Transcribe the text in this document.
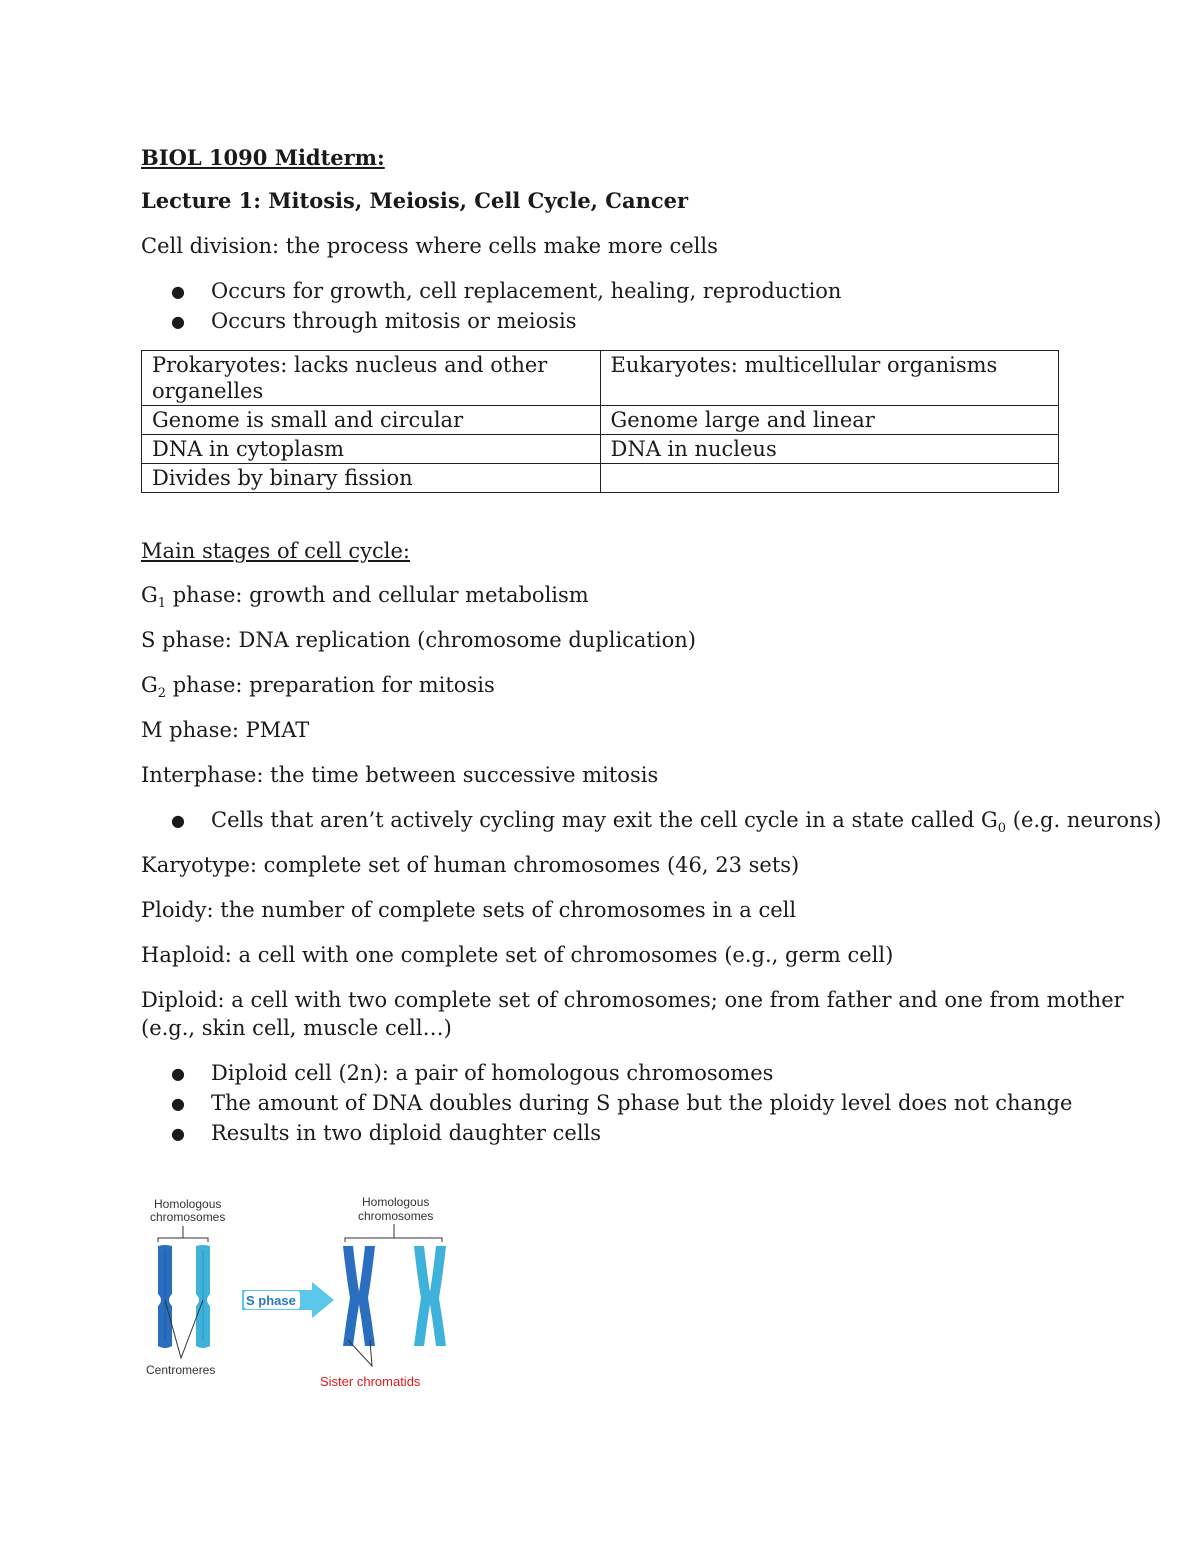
BIOL 1090 Midterm:
Lecture 1: Mitosis, Meiosis, Cell Cycle, Cancer
Cell division: the process where cells make more cells
● Occurs for growth, cell replacement, healing, reproduction
● Occurs through mitosis or meiosis
Prokaryotes: lacks nucleus and other organelles	Eukaryotes: multicellular organisms
Genome is small and circular	Genome large and linear
DNA in cytoplasm	DNA in nucleus
Divides by binary fission	
Main stages of cell cycle:
$G_1$ phase: growth and cellular metabolism
S phase: DNA replication (chromosome duplication)
$G_2$ phase: preparation for mitosis
M phase: PMAT
Interphase: the time between successive mitosis
● Cells that aren’t actively cycling may exit the cell cycle in a state called $G_0$ (e.g. neurons)
Karyotype: complete set of human chromosomes (46, 23 sets)
Ploidy: the number of complete sets of chromosomes in a cell
Haploid: a cell with one complete set of chromosomes (e.g., germ cell)
Diploid: a cell with two complete set of chromosomes; one from father and one from mother
(e.g., skin cell, muscle cell…)
● Diploid cell (2n): a pair of homologous chromosomes
● The amount of DNA doubles during S phase but the ploidy level does not change
● Results in two diploid daughter cells
Homologous
chromosomes
Homologous
chromosomes
Centromeres
S phase
Sister chromatids
